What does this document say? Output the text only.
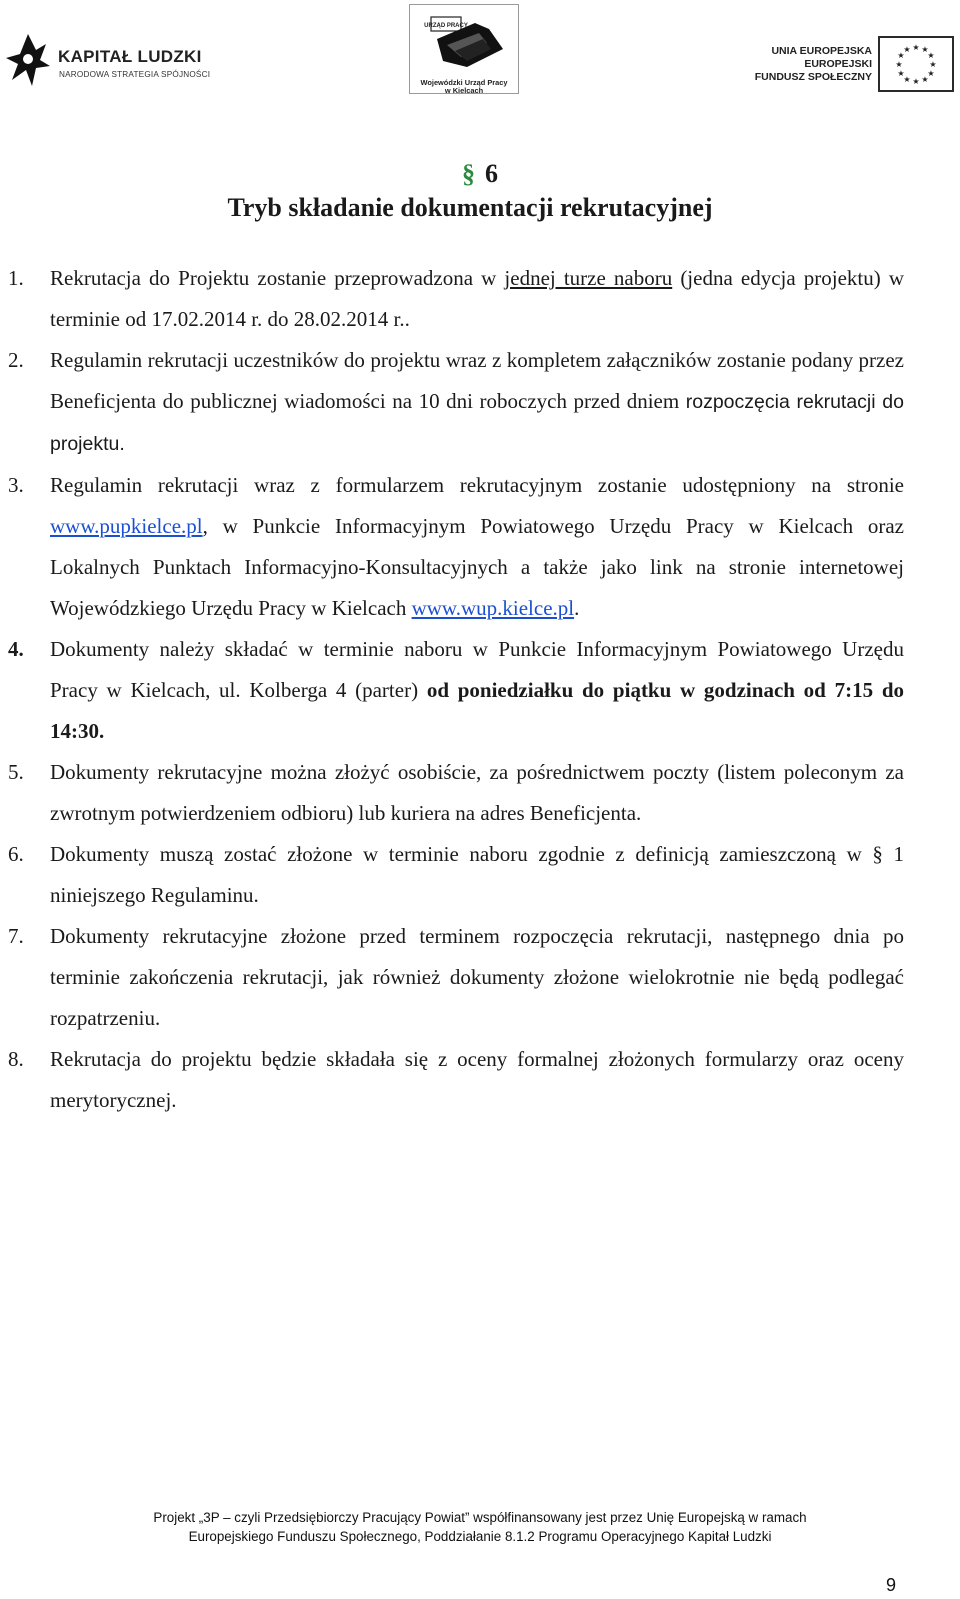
KAPITAŁ LUDZKI
NARODOWA STRATEGIA SPÓJNOŚCI
URZĄD PRACY
Wojewódzki Urząd Pracy
w Kielcach
UNIA EUROPEJSKA
EUROPEJSKI
FUNDUSZ SPOŁECZNY
★ ★
★
★
★
★
★
★
★
★
★
★
§ 6
Tryb składanie dokumentacji rekrutacyjnej
1. Rekrutacja do Projektu zostanie przeprowadzona w jednej turze naboru (jedna edycja projektu) w terminie od 17.02.2014 r. do 28.02.2014 r..
2. Regulamin rekrutacji uczestników do projektu wraz z kompletem załączników zostanie podany przez Beneficjenta do publicznej wiadomości na 10 dni roboczych przed dniem rozpoczęcia rekrutacji do projektu.
3. Regulamin rekrutacji wraz z formularzem rekrutacyjnym zostanie udostępniony na stronie www.pupkielce.pl, w Punkcie Informacyjnym Powiatowego Urzędu Pracy w Kielcach oraz Lokalnych Punktach Informacyjno-Konsultacyjnych a także jako link na stronie internetowej Wojewódzkiego Urzędu Pracy w Kielcach www.wup.kielce.pl.
4. Dokumenty należy składać w terminie naboru w Punkcie Informacyjnym Powiatowego Urzędu Pracy w Kielcach, ul. Kolberga 4 (parter) od poniedziałku do piątku w godzinach od 7:15 do 14:30.
5. Dokumenty rekrutacyjne można złożyć osobiście, za pośrednictwem poczty (listem poleconym za zwrotnym potwierdzeniem odbioru) lub kuriera na adres Beneficjenta.
6. Dokumenty muszą zostać złożone w terminie naboru zgodnie z definicją zamieszczoną w § 1 niniejszego Regulaminu.
7. Dokumenty rekrutacyjne złożone przed terminem rozpoczęcia rekrutacji, następnego dnia po terminie zakończenia rekrutacji, jak również dokumenty złożone wielokrotnie nie będą podlegać rozpatrzeniu.
8. Rekrutacja do projektu będzie składała się z oceny formalnej złożonych formularzy oraz oceny merytorycznej.
Projekt „3P – czyli Przedsiębiorczy Pracujący Powiat” współfinansowany jest przez Unię Europejską w ramach
Europejskiego Funduszu Społecznego, Poddziałanie 8.1.2 Programu Operacyjnego Kapitał Ludzki
9
